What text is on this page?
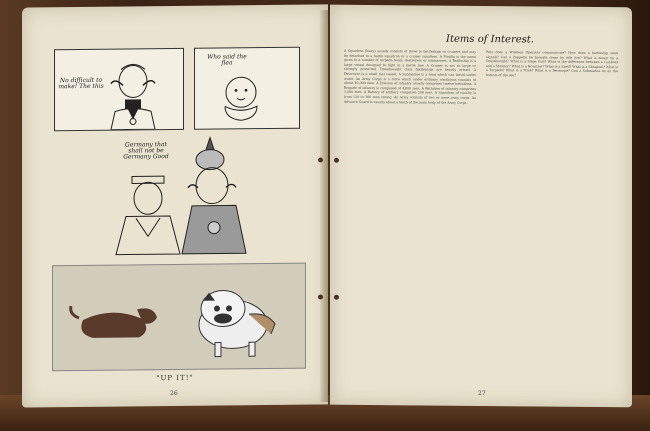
No difficult to make! The this
Who said the flea
Germany that shall not be Germany Good
"UP IT!"
26
Items of Interest.
A Squadron (Navy) usually consists of three to battleships or cruisers and may be detached to a battle squadron or a cruiser squadron. A Flotilla is the name given to a number of torpedo boats, destroyers or submarines. A Battleship is a large vessel designed to fight in a battle line. A Cruiser is not so large or strongly protected. Dreadnought class battleships are heavily armed. A Destroyer is a small fast vessel. A Submarine is a boat which can travel under water. An Army Corps is a force which under ordinary conditions consists of about 40,000 men. A Division of infantry usually comprises twelve battalions. A Brigade of infantry is composed of 4,000 men. A Battalion of infantry comprises 1,000 men. A Battery of artillery comprises 200 men. A Squadron of cavalry is from 120 to 160 men strong. An Army consists of two or more army corps. An Advance Guard is usually about a tenth of the main body of the Army Corps.
Who does a Wireless Operator communicate? How does a battleship send signals? Can a Zeppelin be brought down by rifle fire? What is meant by a Dreadnought? What is a Siege Gun? What is the difference between a Gunboat and a Monitor? What is a Howitzer? What is a Shell? What is a Shrapnel? What is a Torpedo? What is a Mine? What is a Periscope? Can a Submarine sit on the bottom of the sea?
27
